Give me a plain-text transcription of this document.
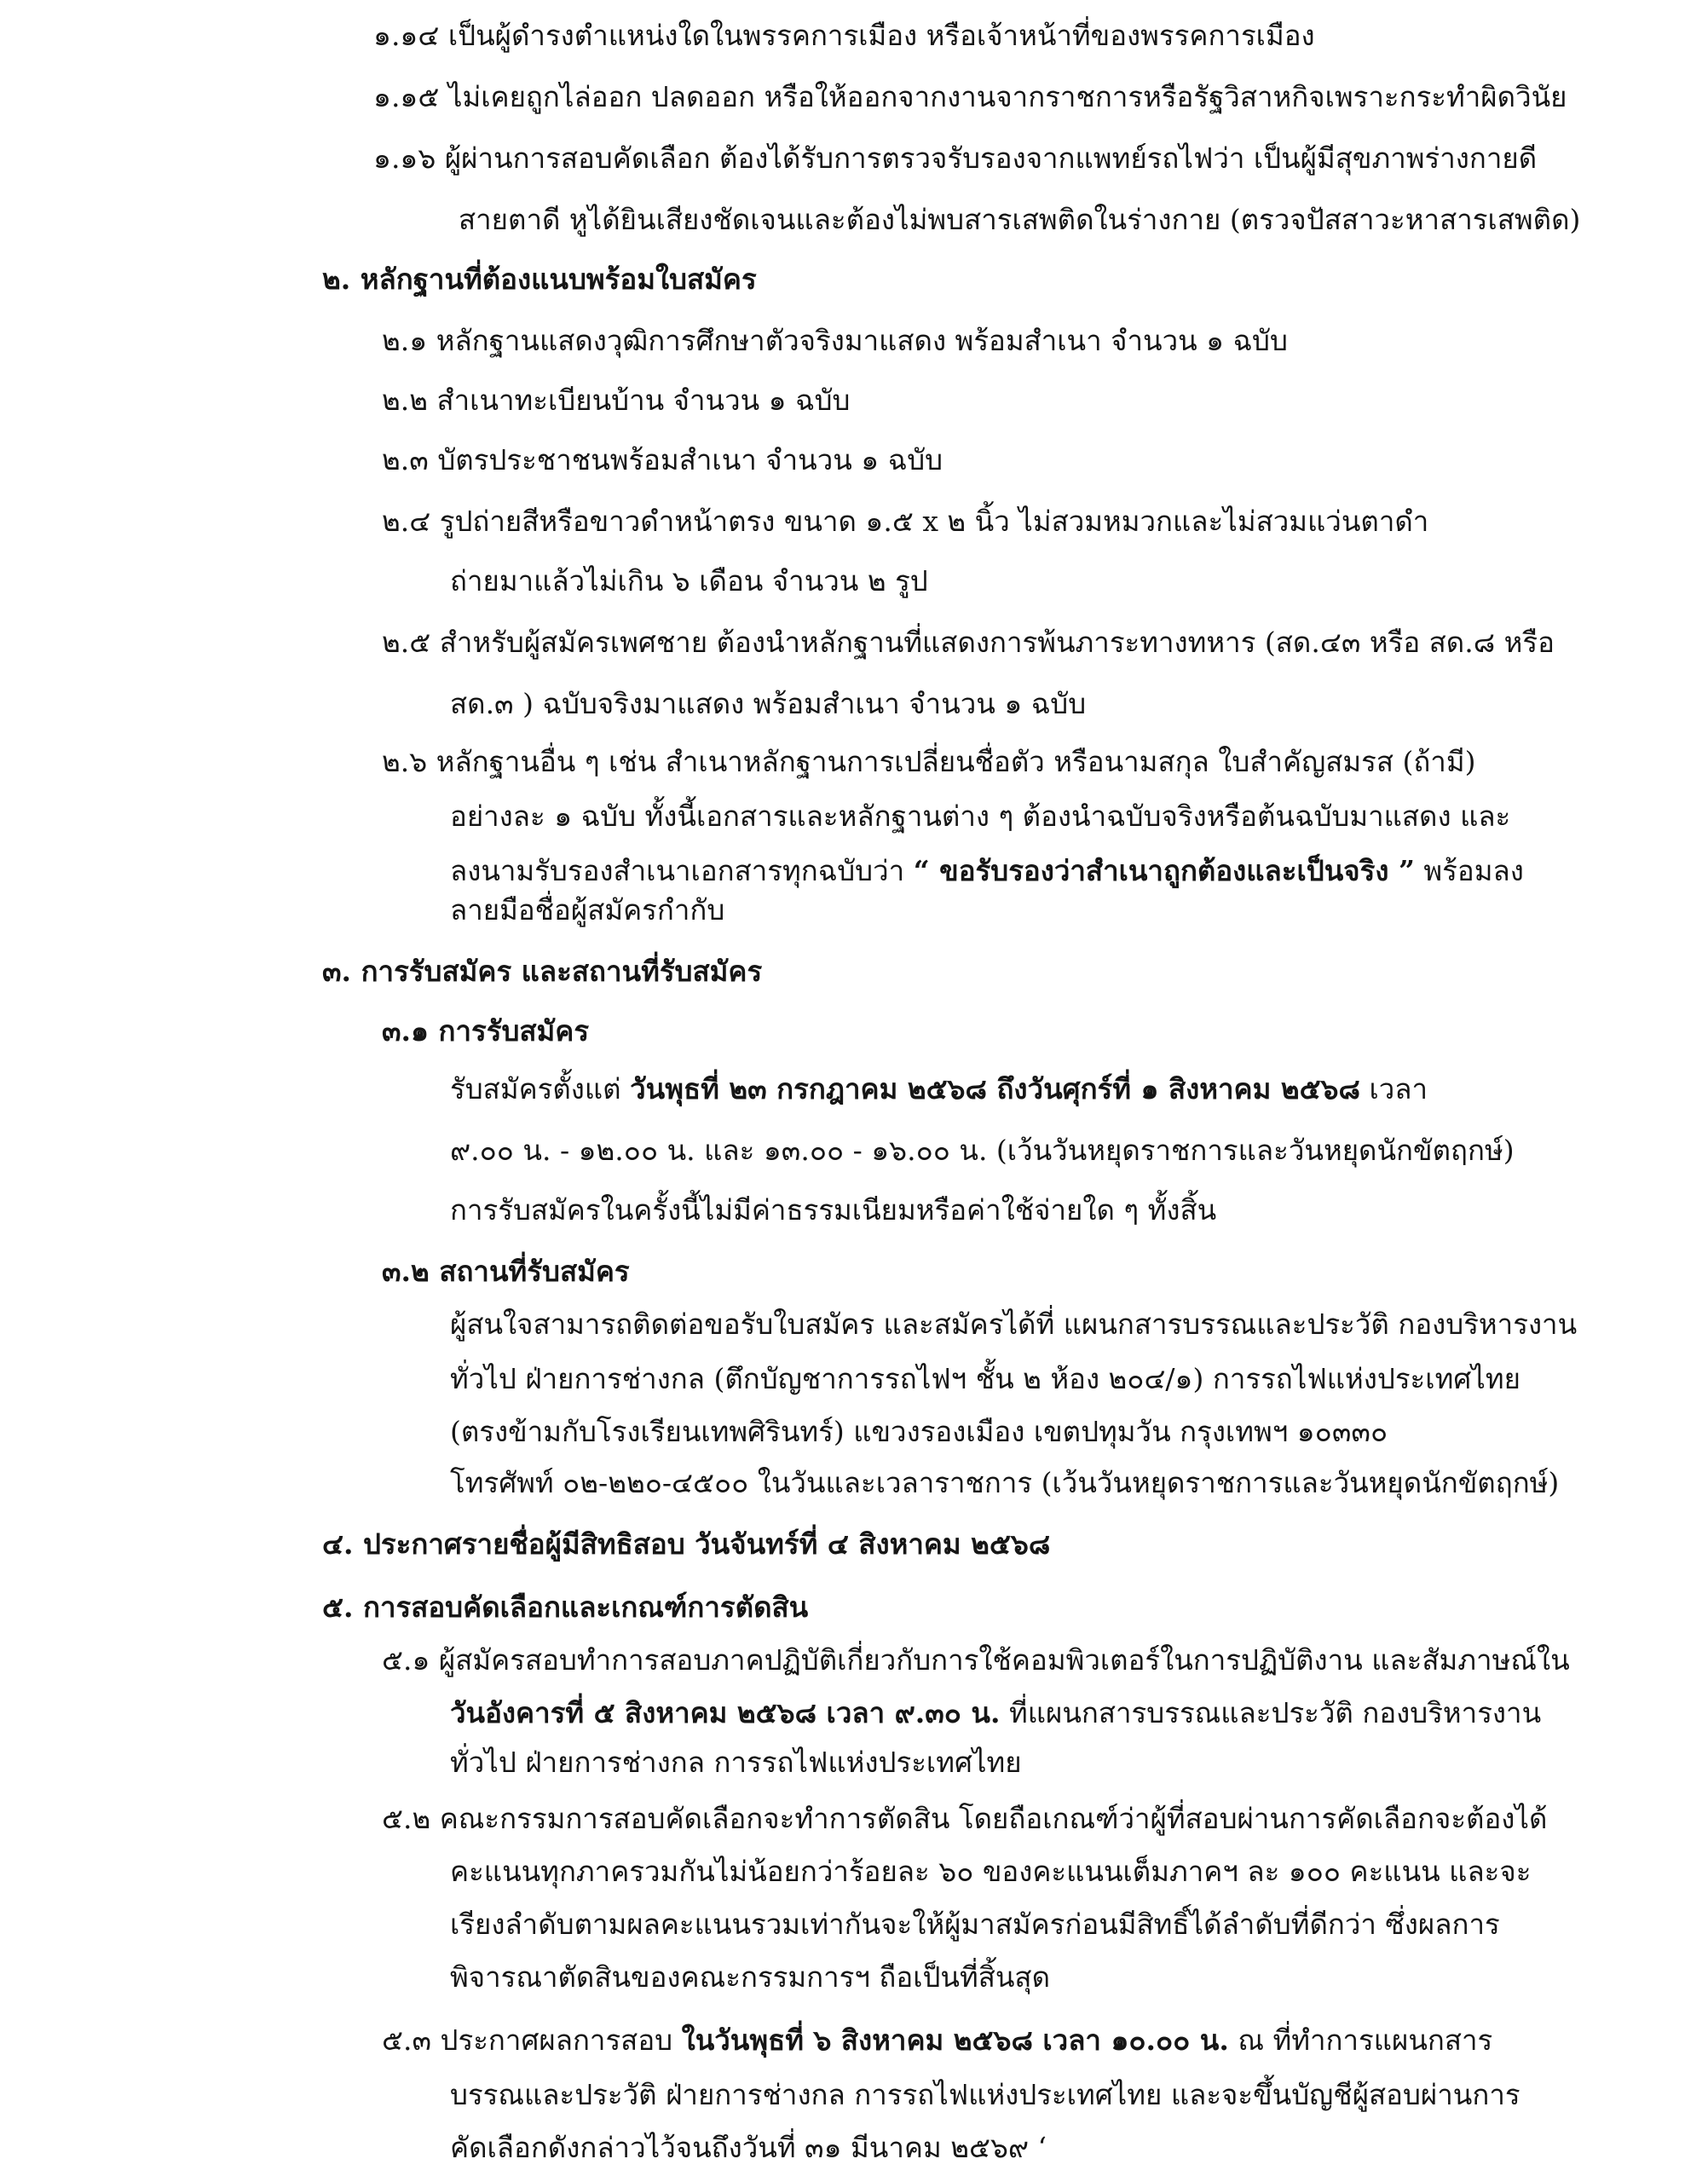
๑.๑๔ เป็นผู้ดำรงตำแหน่งใดในพรรคการเมือง หรือเจ้าหน้าที่ของพรรคการเมือง
๑.๑๕ ไม่เคยถูกไล่ออก ปลดออก หรือให้ออกจากงานจากราชการหรือรัฐวิสาหกิจเพราะกระทำผิดวินัย
๑.๑๖ ผู้ผ่านการสอบคัดเลือก ต้องได้รับการตรวจรับรองจากแพทย์รถไฟว่า เป็นผู้มีสุขภาพร่างกายดี
สายตาดี หูได้ยินเสียงชัดเจนและต้องไม่พบสารเสพติดในร่างกาย (ตรวจปัสสาวะหาสารเสพติด)
๒. หลักฐานที่ต้องแนบพร้อมใบสมัคร
๒.๑ หลักฐานแสดงวุฒิการศึกษาตัวจริงมาแสดง พร้อมสำเนา จำนวน ๑ ฉบับ
๒.๒ สำเนาทะเบียนบ้าน จำนวน ๑ ฉบับ
๒.๓ บัตรประชาชนพร้อมสำเนา จำนวน ๑ ฉบับ
๒.๔ รูปถ่ายสีหรือขาวดำหน้าตรง ขนาด ๑.๕ x ๒ นิ้ว ไม่สวมหมวกและไม่สวมแว่นตาดำ
ถ่ายมาแล้วไม่เกิน ๖ เดือน จำนวน ๒ รูป
๒.๕ สำหรับผู้สมัครเพศชาย ต้องนำหลักฐานที่แสดงการพ้นภาระทางทหาร (สด.๔๓ หรือ สด.๘ หรือ
สด.๓ ) ฉบับจริงมาแสดง พร้อมสำเนา จำนวน ๑ ฉบับ
๒.๖ หลักฐานอื่น ๆ เช่น สำเนาหลักฐานการเปลี่ยนชื่อตัว หรือนามสกุล ใบสำคัญสมรส (ถ้ามี)
อย่างละ ๑ ฉบับ ทั้งนี้เอกสารและหลักฐานต่าง ๆ ต้องนำฉบับจริงหรือต้นฉบับมาแสดง และ
ลงนามรับรองสำเนาเอกสารทุกฉบับว่า “ ขอรับรองว่าสำเนาถูกต้องและเป็นจริง ” พร้อมลง
ลายมือชื่อผู้สมัครกำกับ
๓. การรับสมัคร และสถานที่รับสมัคร
๓.๑ การรับสมัคร
รับสมัครตั้งแต่ วันพุธที่ ๒๓ กรกฎาคม ๒๕๖๘ ถึงวันศุกร์ที่ ๑ สิงหาคม ๒๕๖๘ เวลา
๙.๐๐ น. - ๑๒.๐๐ น. และ ๑๓.๐๐ - ๑๖.๐๐ น. (เว้นวันหยุดราชการและวันหยุดนักขัตฤกษ์)
การรับสมัครในครั้งนี้ไม่มีค่าธรรมเนียมหรือค่าใช้จ่ายใด ๆ ทั้งสิ้น
๓.๒ สถานที่รับสมัคร
ผู้สนใจสามารถติดต่อขอรับใบสมัคร และสมัครได้ที่ แผนกสารบรรณและประวัติ กองบริหารงาน
ทั่วไป ฝ่ายการช่างกล (ตึกบัญชาการรถไฟฯ ชั้น ๒ ห้อง ๒๐๔/๑) การรถไฟแห่งประเทศไทย
(ตรงข้ามกับโรงเรียนเทพศิรินทร์) แขวงรองเมือง เขตปทุมวัน กรุงเทพฯ ๑๐๓๓๐
โทรศัพท์ ๐๒-๒๒๐-๔๕๐๐ ในวันและเวลาราชการ (เว้นวันหยุดราชการและวันหยุดนักขัตฤกษ์)
๔. ประกาศรายชื่อผู้มีสิทธิสอบ วันจันทร์ที่ ๔ สิงหาคม ๒๕๖๘
๕. การสอบคัดเลือกและเกณฑ์การตัดสิน
๕.๑ ผู้สมัครสอบทำการสอบภาคปฏิบัติเกี่ยวกับการใช้คอมพิวเตอร์ในการปฏิบัติงาน และสัมภาษณ์ใน
วันอังคารที่ ๕ สิงหาคม ๒๕๖๘ เวลา ๙.๓๐ น. ที่แผนกสารบรรณและประวัติ กองบริหารงาน
ทั่วไป ฝ่ายการช่างกล การรถไฟแห่งประเทศไทย
๕.๒ คณะกรรมการสอบคัดเลือกจะทำการตัดสิน โดยถือเกณฑ์ว่าผู้ที่สอบผ่านการคัดเลือกจะต้องได้
คะแนนทุกภาครวมกันไม่น้อยกว่าร้อยละ ๖๐ ของคะแนนเต็มภาคฯ ละ ๑๐๐ คะแนน และจะ
เรียงลำดับตามผลคะแนนรวมเท่ากันจะให้ผู้มาสมัครก่อนมีสิทธิ์ได้ลำดับที่ดีกว่า ซึ่งผลการ
พิจารณาตัดสินของคณะกรรมการฯ ถือเป็นที่สิ้นสุด
๕.๓ ประกาศผลการสอบ ในวันพุธที่ ๖ สิงหาคม ๒๕๖๘ เวลา ๑๐.๐๐ น. ณ ที่ทำการแผนกสาร
บรรณและประวัติ ฝ่ายการช่างกล การรถไฟแห่งประเทศไทย และจะขึ้นบัญชีผู้สอบผ่านการ
คัดเลือกดังกล่าวไว้จนถึงวันที่ ๓๑ มีนาคม ๒๕๖๙ ‘
